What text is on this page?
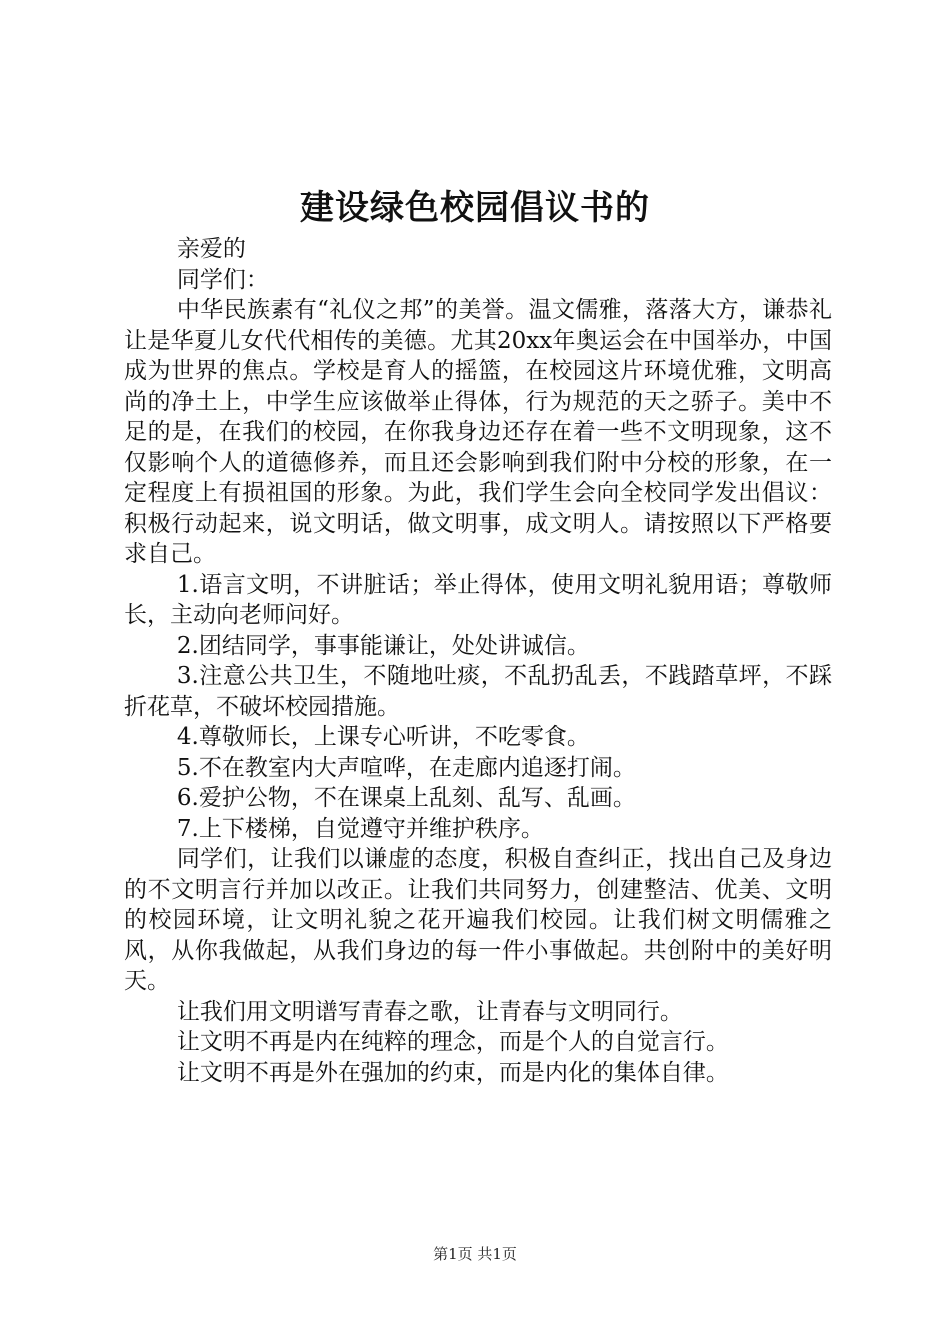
建设绿色校园倡议书的

亲爱的

同学们：

中华民族素有“礼仪之邦”的美誉。温文儒雅，落落大方，谦恭礼让是华夏儿女代代相传的美德。尤其20xx年奥运会在中国举办，中国成为世界的焦点。学校是育人的摇篮，在校园这片环境优雅，文明高尚的净土上，中学生应该做举止得体，行为规范的天之骄子。美中不足的是，在我们的校园，在你我身边还存在着一些不文明现象，这不仅影响个人的道德修养，而且还会影响到我们附中分校的形象，在一定程度上有损祖国的形象。为此，我们学生会向全校同学发出倡议：积极行动起来，说文明话，做文明事，成文明人。请按照以下严格要求自己。

1.语言文明，不讲脏话；举止得体，使用文明礼貌用语；尊敬师长，主动向老师问好。

2.团结同学，事事能谦让，处处讲诚信。

3.注意公共卫生，不随地吐痰，不乱扔乱丢，不践踏草坪，不踩折花草，不破坏校园措施。

4.尊敬师长，上课专心听讲，不吃零食。

5.不在教室内大声喧哗，在走廊内追逐打闹。

6.爱护公物，不在课桌上乱刻、乱写、乱画。

7.上下楼梯，自觉遵守并维护秩序。

同学们，让我们以谦虚的态度，积极自查纠正，找出自己及身边的不文明言行并加以改正。让我们共同努力，创建整洁、优美、文明的校园环境，让文明礼貌之花开遍我们校园。让我们树文明儒雅之风，从你我做起，从我们身边的每一件小事做起。共创附中的美好明天。

让我们用文明谱写青春之歌，让青春与文明同行。

让文明不再是内在纯粹的理念，而是个人的自觉言行。

让文明不再是外在强加的约束，而是内化的集体自律。

第1页 共1页
